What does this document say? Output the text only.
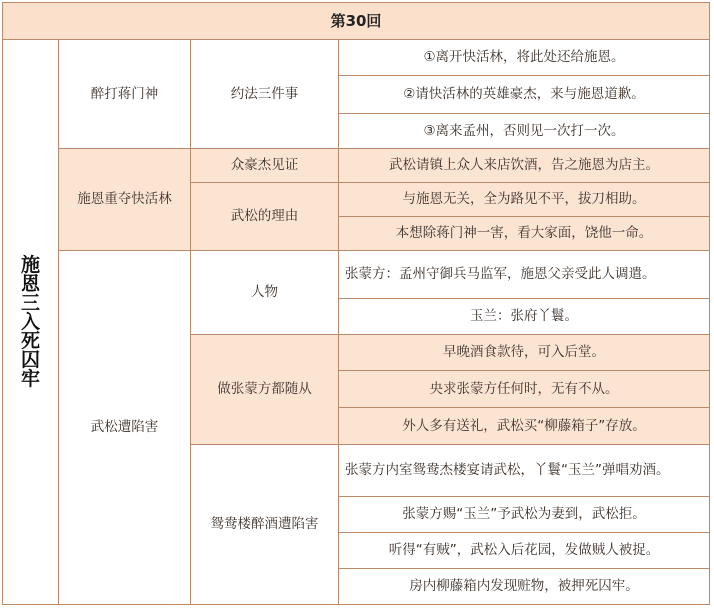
第30回			
施恩三入死囚牢	醉打蒋门神	约法三件事	①离开快活林，将此处还给施恩。
			②请快活林的英雄豪杰，来与施恩道歉。
			③离来孟州，否则见一次打一次。
	施恩重夺快活林	众豪杰见证	武松请镇上众人来店饮酒，告之施恩为店主。
		武松的理由	与施恩无关，全为路见不平，拔刀相助。
			本想除蒋门神一害，看大家面，饶他一命。
	武松遭陷害	人物	张蒙方：孟州守御兵马监军，施恩父亲受此人调遣。
			玉兰：张府丫鬟。
		做张蒙方都随从	早晚酒食款待，可入后堂。
			央求张蒙方任何时，无有不从。
			外人多有送礼，武松买“柳藤箱子”存放。
		鸳鸯楼醉酒遭陷害	张蒙方内室鸳鸯杰楼宴请武松，丫鬟“玉兰”弹唱劝酒。
			张蒙方赐“玉兰”予武松为妻到，武松拒。
			听得“有贼”，武松入后花园，发做贼人被捉。
			房内柳藤箱内发现赃物，被押死囚牢。
